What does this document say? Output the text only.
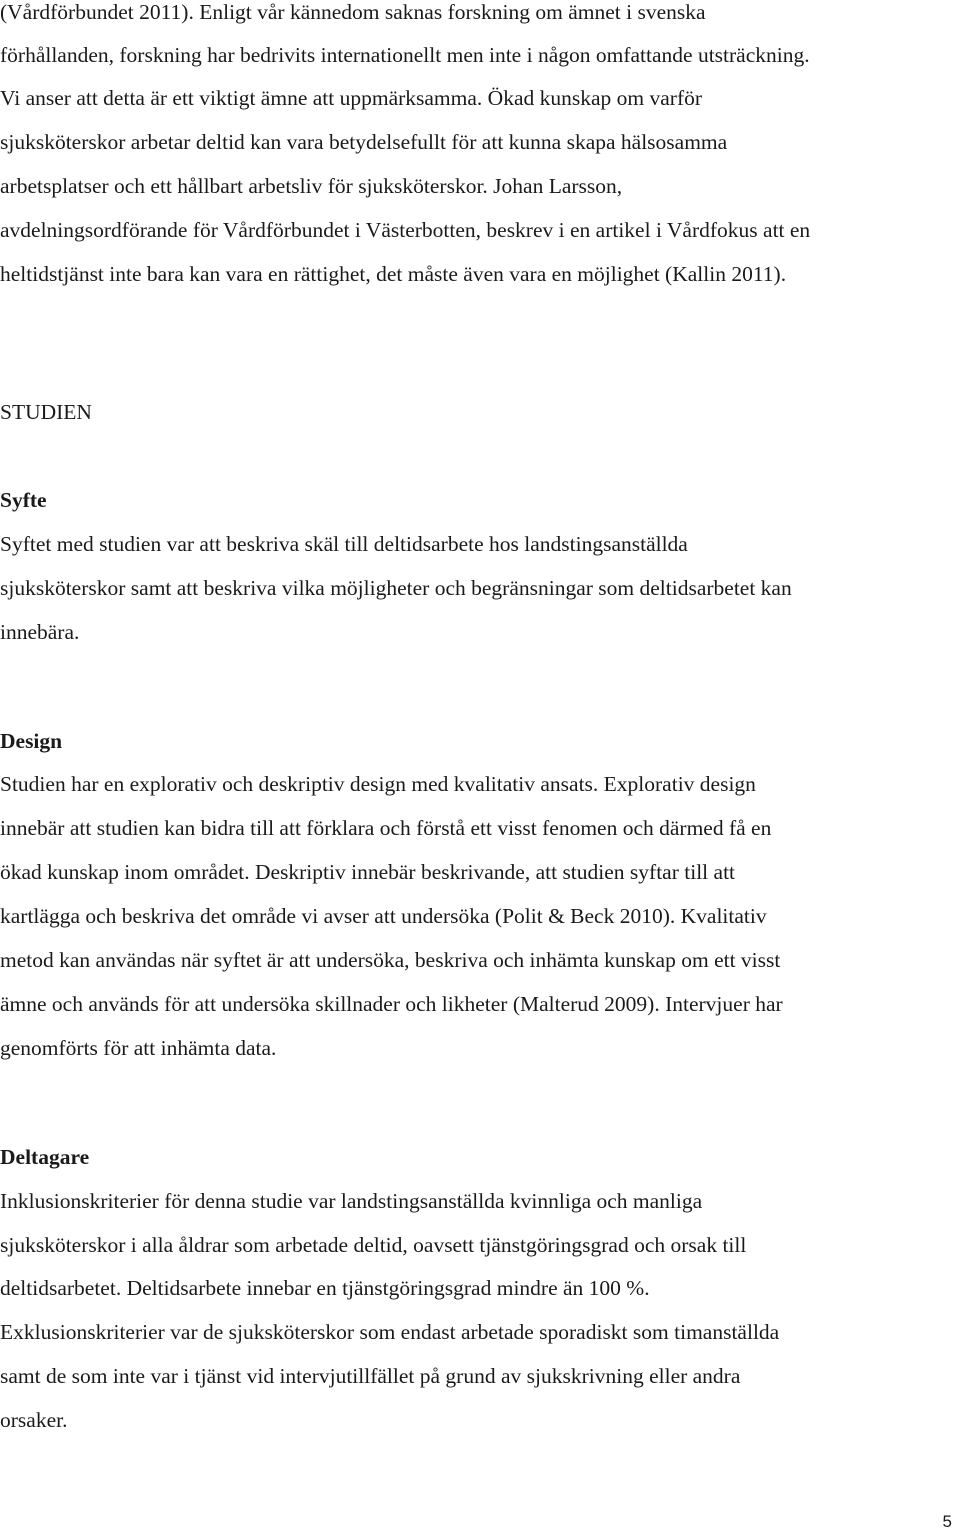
(Vårdförbundet 2011). Enligt vår kännedom saknas forskning om ämnet i svenska

förhållanden, forskning har bedrivits internationellt men inte i någon omfattande utsträckning.

Vi anser att detta är ett viktigt ämne att uppmärksamma. Ökad kunskap om varför

sjuksköterskor arbetar deltid kan vara betydelsefullt för att kunna skapa hälsosamma

arbetsplatser och ett hållbart arbetsliv för sjuksköterskor. Johan Larsson,

avdelningsordförande för Vårdförbundet i Västerbotten, beskrev i en artikel i Vårdfokus att en

heltidstjänst inte bara kan vara en rättighet, det måste även vara en möjlighet (Kallin 2011).

STUDIEN

Syfte

Syftet med studien var att beskriva skäl till deltidsarbete hos landstingsanställda

sjuksköterskor samt att beskriva vilka möjligheter och begränsningar som deltidsarbetet kan

innebära.

Design

Studien har en explorativ och deskriptiv design med kvalitativ ansats. Explorativ design

innebär att studien kan bidra till att förklara och förstå ett visst fenomen och därmed få en

ökad kunskap inom området. Deskriptiv innebär beskrivande, att studien syftar till att

kartlägga och beskriva det område vi avser att undersöka (Polit & Beck 2010). Kvalitativ

metod kan användas när syftet är att undersöka, beskriva och inhämta kunskap om ett visst

ämne och används för att undersöka skillnader och likheter (Malterud 2009). Intervjuer har

genomförts för att inhämta data.

Deltagare

Inklusionskriterier för denna studie var landstingsanställda kvinnliga och manliga

sjuksköterskor i alla åldrar som arbetade deltid, oavsett tjänstgöringsgrad och orsak till

deltidsarbetet. Deltidsarbete innebar en tjänstgöringsgrad mindre än 100 %.

Exklusionskriterier var de sjuksköterskor som endast arbetade sporadiskt som timanställda

samt de som inte var i tjänst vid intervjutillfället på grund av sjukskrivning eller andra

orsaker.

5
